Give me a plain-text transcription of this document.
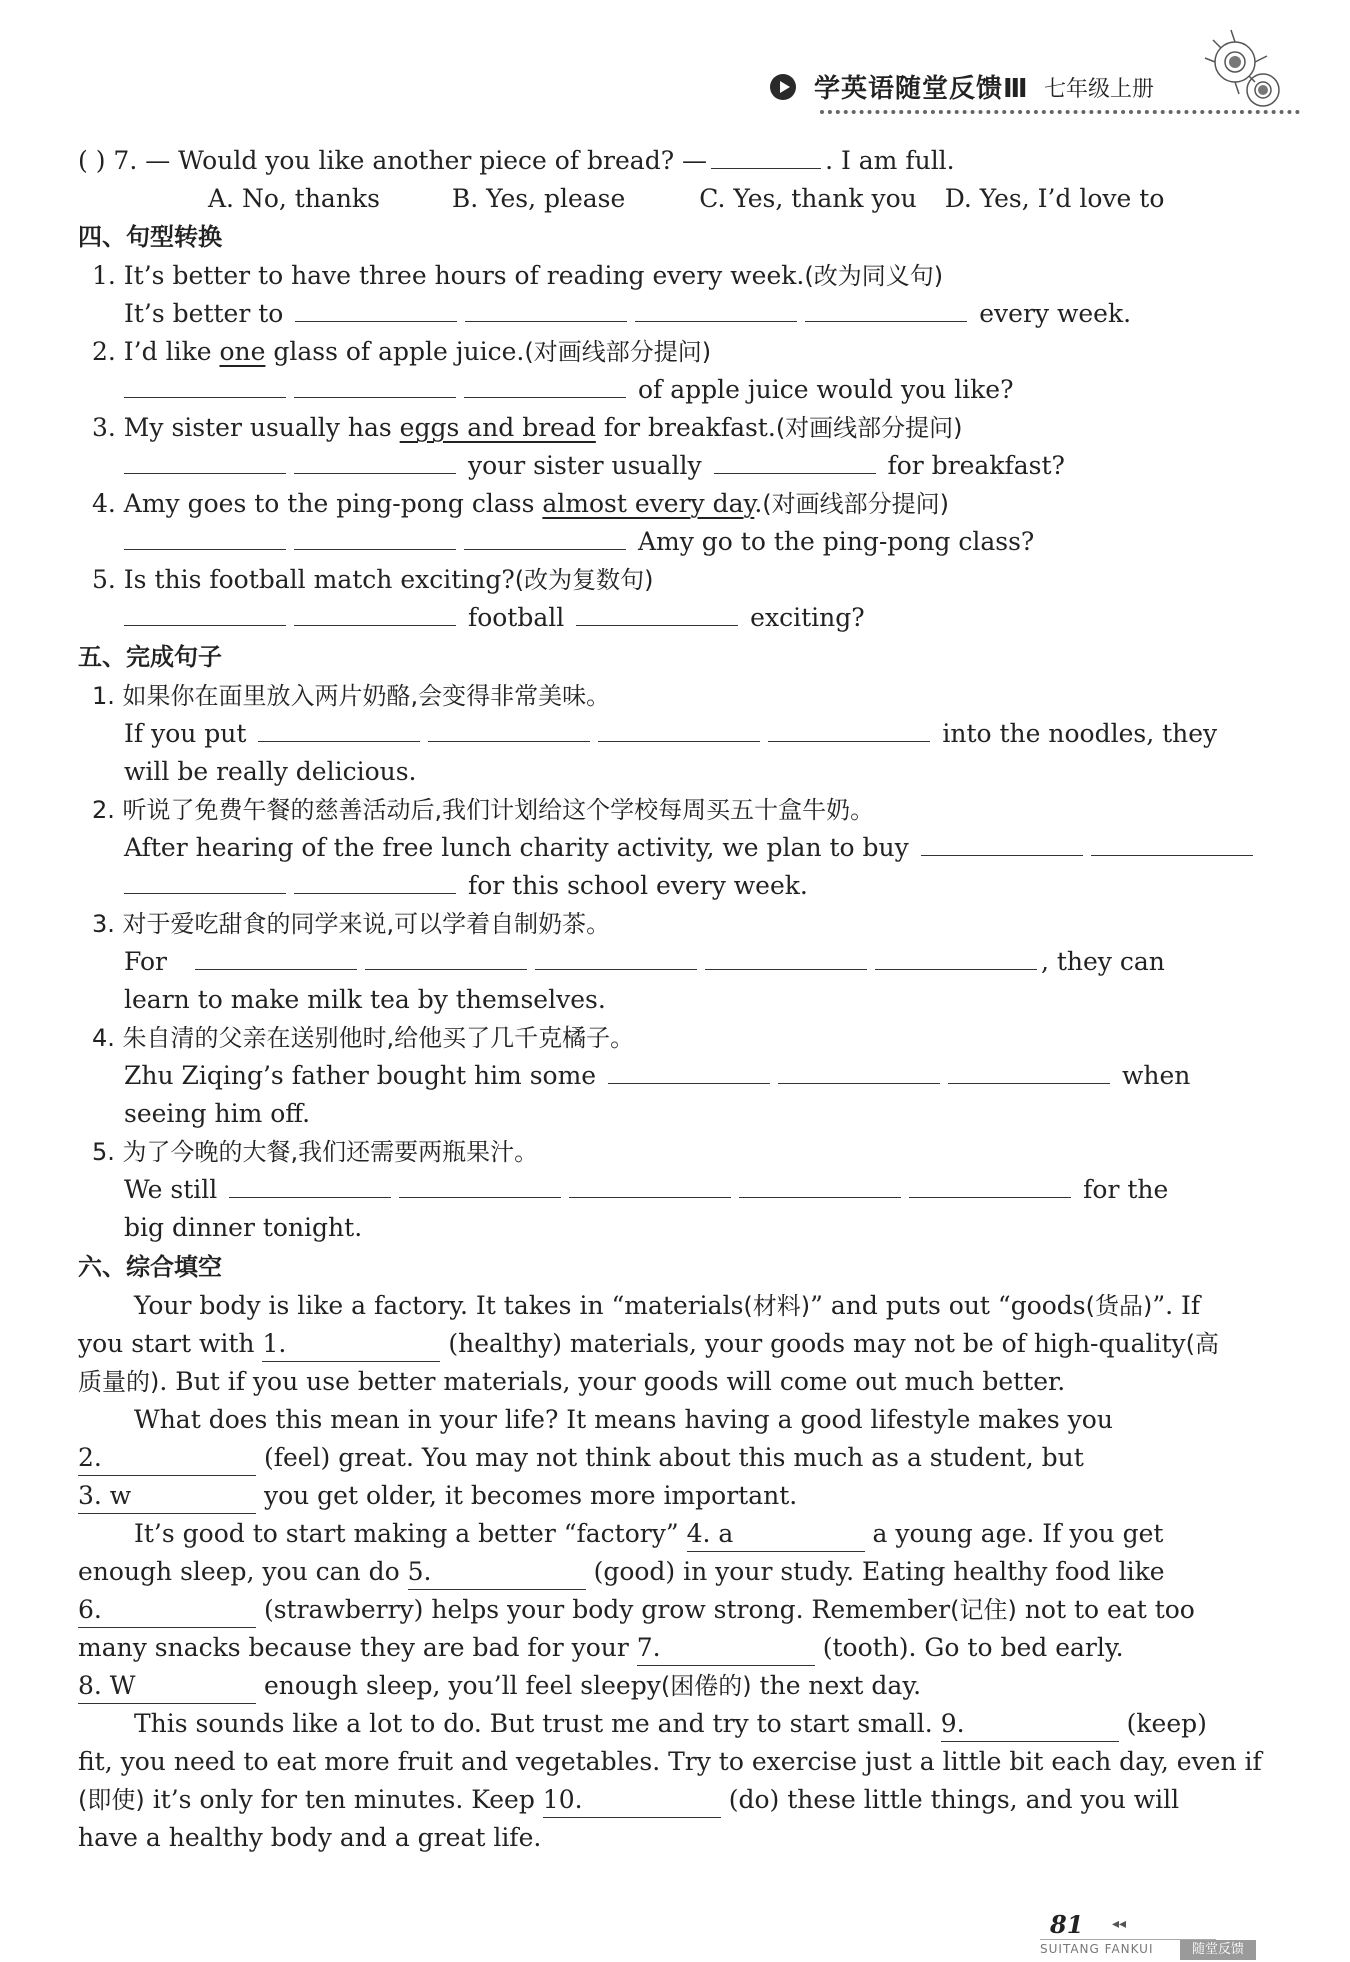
学英语随堂反馈Ⅲ 七年级上册
( ) 7. — Would you like another piece of bread? —	. I am full.
A. No, thanks	B. Yes, please	C. Yes, thank you D. Yes, I’d love to
四、句型转换
1. It’s better to have three hours of reading every week.(改为同义句)
It’s better to	every week.
2. I’d like one glass of apple juice.(对画线部分提问)
of apple juice would you like?
3. My sister usually has eggs and bread for breakfast.(对画线部分提问)
your sister usually	for breakfast?
4. Amy goes to the ping-pong class almost every day.(对画线部分提问)
Amy go to the ping-pong class?
5. Is this football match exciting?(改为复数句)
football	exciting?
五、完成句子
1. 如果你在面里放入两片奶酪,会变得非常美味。
If you put	into the noodles, they
will be really delicious.
2. 听说了免费午餐的慈善活动后,我们计划给这个学校每周买五十盒牛奶。
After hearing of the free lunch charity activity, we plan to buy
for this school every week.
3. 对于爱吃甜食的同学来说,可以学着自制奶茶。
For	, they can
learn to make milk tea by themselves.
4. 朱自清的父亲在送别他时,给他买了几千克橘子。
Zhu Ziqing’s father bought him some	when
seeing him off.
5. 为了今晚的大餐,我们还需要两瓶果汁。
We still	for the
big dinner tonight.
六、综合填空
Your body is like a factory. It takes in “materials(材料)” and puts out “goods(货品)”. If
you start with 1.	(healthy) materials, your goods may not be of high-quality(高
质量的). But if you use better materials, your goods will come out much better.
What does this mean in your life? It means having a good lifestyle makes you
2.	(feel) great. You may not think about this much as a student, but
3. w	you get older, it becomes more important.
It’s good to start making a better “factory” 4. a	a young age. If you get
enough sleep, you can do 5.	(good) in your study. Eating healthy food like
6.	(strawberry) helps your body grow strong. Remember(记住) not to eat too
many snacks because they are bad for your 7.	(tooth). Go to bed early.
8. W	enough sleep, you’ll feel sleepy(困倦的) the next day.
This sounds like a lot to do. But trust me and try to start small. 9.	(keep)
fit, you need to eat more fruit and vegetables. Try to exercise just a little bit each day, even if
(即使) it’s only for ten minutes. Keep 10.	(do) these little things, and you will
have a healthy body and a great life.
81 ◂◂
SUITANG FANKUI	随堂反馈
